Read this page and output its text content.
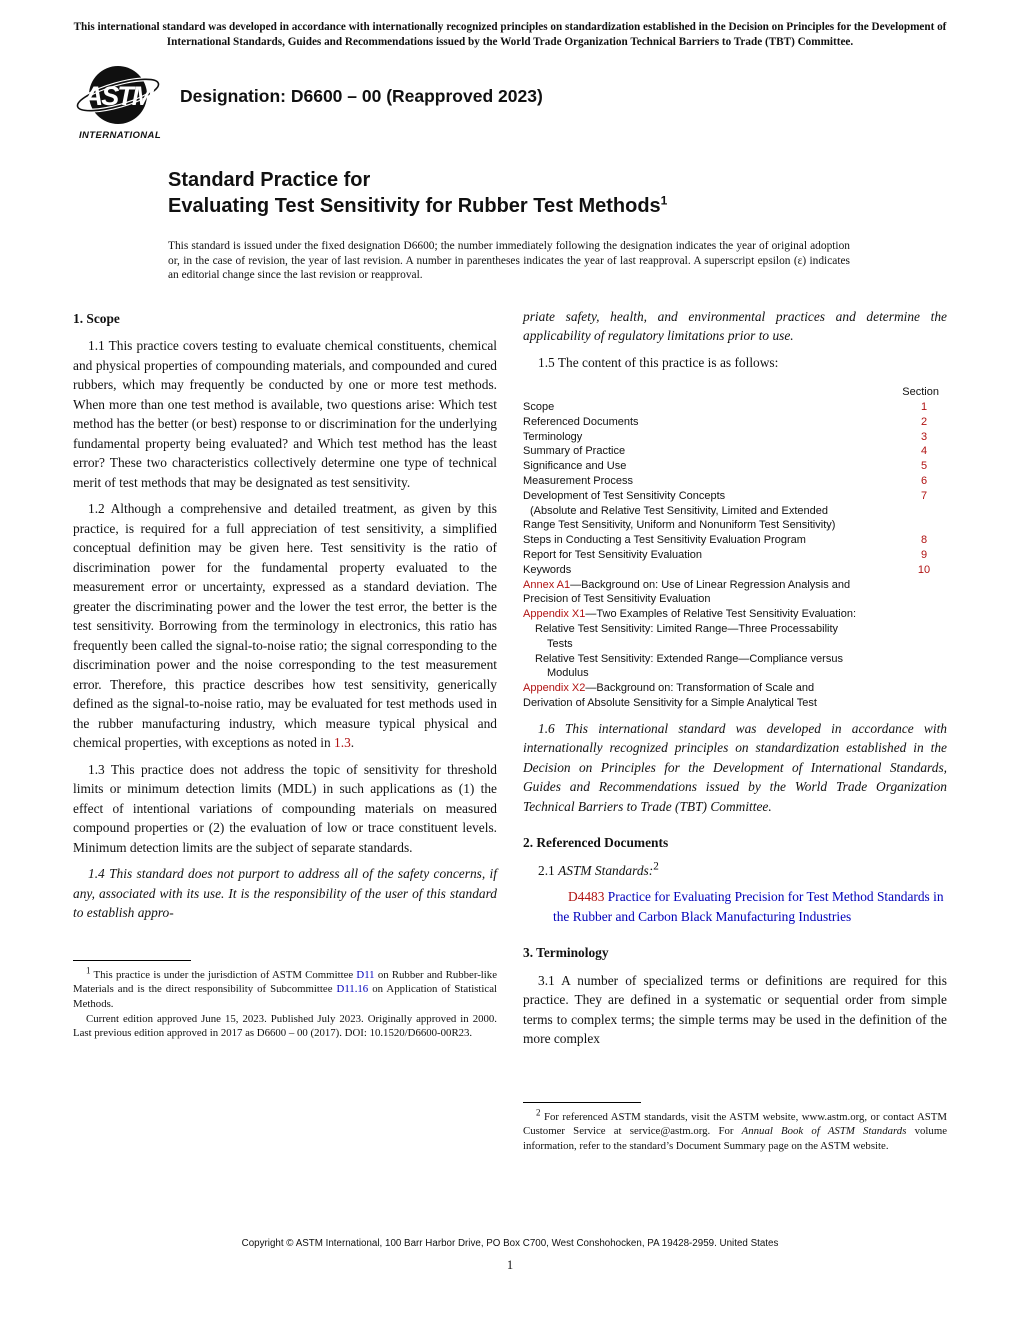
This international standard was developed in accordance with internationally recognized principles on standardization established in the Decision on Principles for the Development of International Standards, Guides and Recommendations issued by the World Trade Organization Technical Barriers to Trade (TBT) Committee.
ASTM
INTERNATIONAL
Designation: D6600 – 00 (Reapproved 2023)
Standard Practice for
Evaluating Test Sensitivity for Rubber Test Methods$^1$
This standard is issued under the fixed designation D6600; the number immediately following the designation indicates the year of original adoption or, in the case of revision, the year of last revision. A number in parentheses indicates the year of last reapproval. A superscript epsilon (ε) indicates an editorial change since the last revision or reapproval.
1. Scope

1.1 This practice covers testing to evaluate chemical constituents, chemical and physical properties of compounding materials, and compounded and cured rubbers, which may frequently be conducted by one or more test methods. When more than one test method is available, two questions arise: Which test method has the better (or best) response to or discrimination for the underlying fundamental property being evaluated? and Which test method has the least error? These two characteristics collectively determine one type of technical merit of test methods that may be designated as test sensitivity.

1.2 Although a comprehensive and detailed treatment, as given by this practice, is required for a full appreciation of test sensitivity, a simplified conceptual definition may be given here. Test sensitivity is the ratio of discrimination power for the fundamental property evaluated to the measurement error or uncertainty, expressed as a standard deviation. The greater the discriminating power and the lower the test error, the better is the test sensitivity. Borrowing from the terminology in electronics, this ratio has frequently been called the signal-to-noise ratio; the signal corresponding to the discrimination power and the noise corresponding to the test measurement error. Therefore, this practice describes how test sensitivity, generically defined as the signal-to-noise ratio, may be evaluated for test methods used in the rubber manufacturing industry, which measure typical physical and chemical properties, with exceptions as noted in 1.3.

1.3 This practice does not address the topic of sensitivity for threshold limits or minimum detection limits (MDL) in such applications as (1) the effect of intentional variations of compounding materials on measured compound properties or (2) the evaluation of low or trace constituent levels. Minimum detection limits are the subject of separate standards.

1.4 This standard does not purport to address all of the safety concerns, if any, associated with its use. It is the responsibility of the user of this standard to establish appro-

$^1$ This practice is under the jurisdiction of ASTM Committee D11 on Rubber and Rubber-like Materials and is the direct responsibility of Subcommittee D11.16 on Application of Statistical Methods.

Current edition approved June 15, 2023. Published July 2023. Originally approved in 2000. Last previous edition approved in 2017 as D6600 – 00 (2017). DOI: 10.1520/D6600-00R23.

priate safety, health, and environmental practices and determine the applicability of regulatory limitations prior to use.

1.5 The content of this practice is as follows:

Section
Scope	1
Referenced Documents	2
Terminology	3
Summary of Practice	4
Significance and Use	5
Measurement Process	6
Development of Test Sensitivity Concepts	7
(Absolute and Relative Test Sensitivity, Limited and Extended
Range Test Sensitivity, Uniform and Nonuniform Test Sensitivity)
Steps in Conducting a Test Sensitivity Evaluation Program	8
Report for Test Sensitivity Evaluation	9
Keywords	10
Annex A1—Background on: Use of Linear Regression Analysis and
Precision of Test Sensitivity Evaluation
Appendix X1—Two Examples of Relative Test Sensitivity Evaluation:
Relative Test Sensitivity: Limited Range—Three Processability
Tests
Relative Test Sensitivity: Extended Range—Compliance versus
Modulus
Appendix X2—Background on: Transformation of Scale and
Derivation of Absolute Sensitivity for a Simple Analytical Test

1.6 This international standard was developed in accordance with internationally recognized principles on standardization established in the Decision on Principles for the Development of International Standards, Guides and Recommendations issued by the World Trade Organization Technical Barriers to Trade (TBT) Committee.

2. Referenced Documents

2.1 ASTM Standards:$^2$

D4483 Practice for Evaluating Precision for Test Method Standards in the Rubber and Carbon Black Manufacturing Industries

3. Terminology

3.1 A number of specialized terms or definitions are required for this practice. They are defined in a systematic or sequential order from simple terms to complex terms; the simple terms may be used in the definition of the more complex

$^2$ For referenced ASTM standards, visit the ASTM website, www.astm.org, or contact ASTM Customer Service at service@astm.org. For Annual Book of ASTM Standards volume information, refer to the standard’s Document Summary page on the ASTM website.

Copyright © ASTM International, 100 Barr Harbor Drive, PO Box C700, West Conshohocken, PA 19428-2959. United States
1
